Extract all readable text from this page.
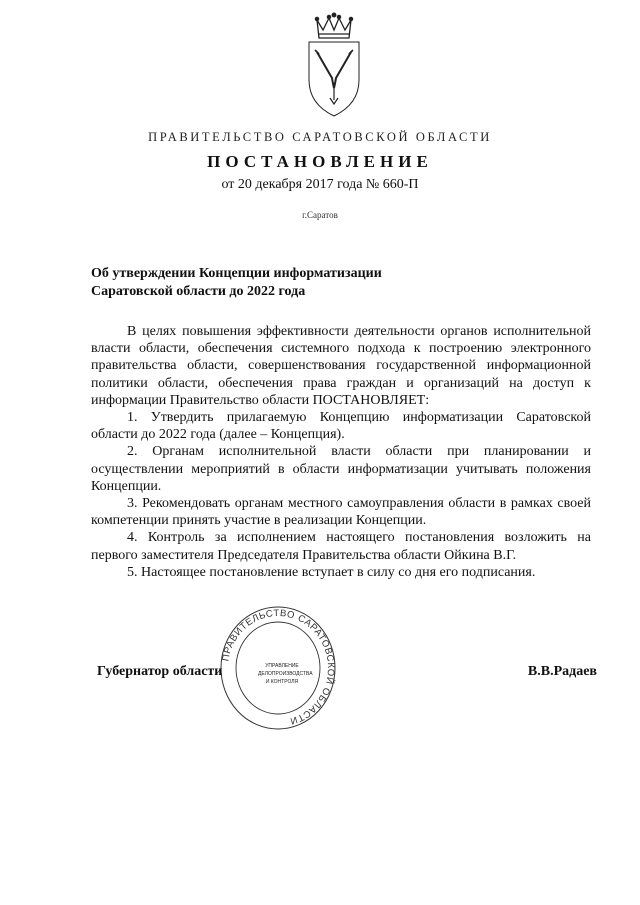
ПРАВИТЕЛЬСТВО САРАТОВСКОЙ ОБЛАСТИ
ПОСТАНОВЛЕНИЕ
от 20 декабря 2017 года № 660-П
г.Саратов
Об утверждении Концепции информатизации
Саратовской области до 2022 года

В целях повышения эффективности деятельности органов исполнительной власти области, обеспечения системного подхода к построению электронного правительства области, совершенствования государственной информационной политики области, обеспечения права граждан и организаций на доступ к информации Правительство области ПОСТАНОВЛЯЕТ:

1. Утвердить прилагаемую Концепцию информатизации Саратовской области до 2022 года (далее – Концепция).

2. Органам исполнительной власти области при планировании и осуществлении мероприятий в области информатизации учитывать положения Концепции.

3. Рекомендовать органам местного самоуправления области в рамках своей компетенции принять участие в реализации Концепции.

4. Контроль за исполнением настоящего постановления возложить на первого заместителя Председателя Правительства области Ойкина В.Г.

5. Настоящее постановление вступает в силу со дня его подписания.

ПРАВИТЕЛЬСТВО САРАТОВСКОЙ ОБЛАСТИ
УПРАВЛЕНИЕ
ДЕЛОПРОИЗВОДСТВА
И КОНТРОЛЯ
Губернатор области	В.В.Радаев
